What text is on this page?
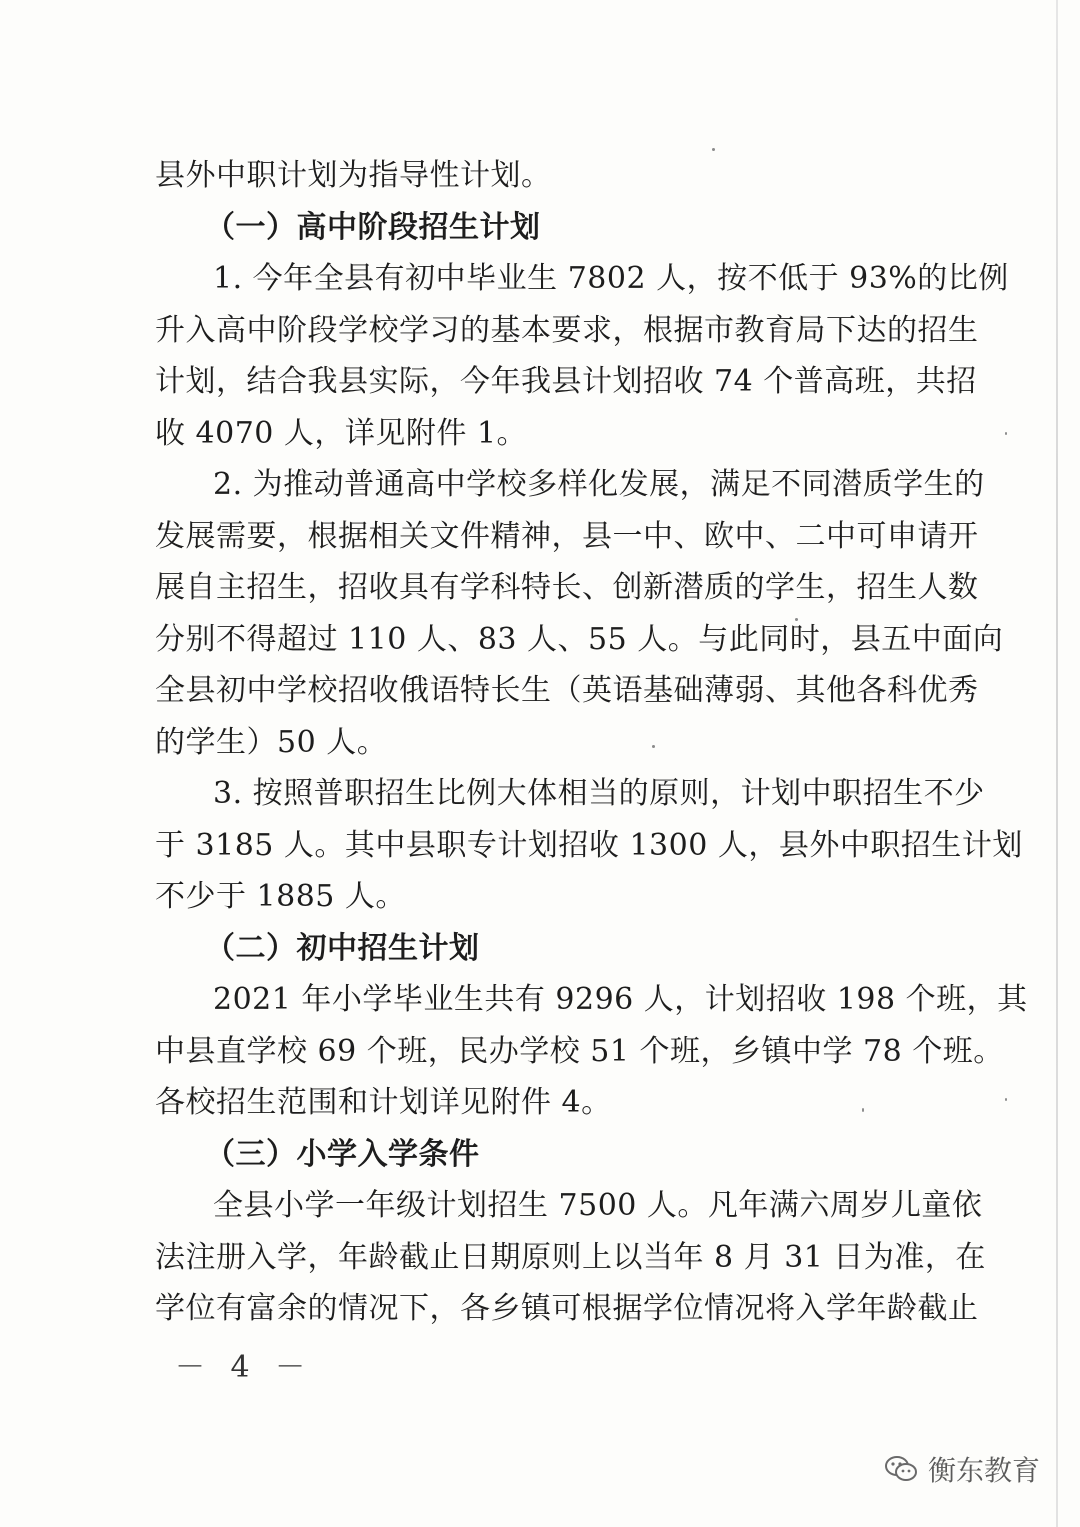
县外中职计划为指导性计划。
（一）高中阶段招生计划
1. 今年全县有初中毕业生 7802 人，按不低于 93%的比例
升入高中阶段学校学习的基本要求，根据市教育局下达的招生
计划，结合我县实际，今年我县计划招收 74 个普高班，共招
收 4070 人，详见附件 1。
2. 为推动普通高中学校多样化发展，满足不同潜质学生的
发展需要，根据相关文件精神，县一中、欧中、二中可申请开
展自主招生，招收具有学科特长、创新潜质的学生，招生人数
分别不得超过 110 人、83 人、55 人。与此同时，县五中面向
全县初中学校招收俄语特长生（英语基础薄弱、其他各科优秀
的学生）50 人。
3. 按照普职招生比例大体相当的原则，计划中职招生不少
于 3185 人。其中县职专计划招收 1300 人，县外中职招生计划
不少于 1885 人。
（二）初中招生计划
2021 年小学毕业生共有 9296 人，计划招收 198 个班，其
中县直学校 69 个班，民办学校 51 个班，乡镇中学 78 个班。
各校招生范围和计划详见附件 4。
（三）小学入学条件
全县小学一年级计划招生 7500 人。凡年满六周岁儿童依
法注册入学，年龄截止日期原则上以当年 8 月 31 日为准，在
学位有富余的情况下，各乡镇可根据学位情况将入学年龄截止
－ 4 －
衡东教育
